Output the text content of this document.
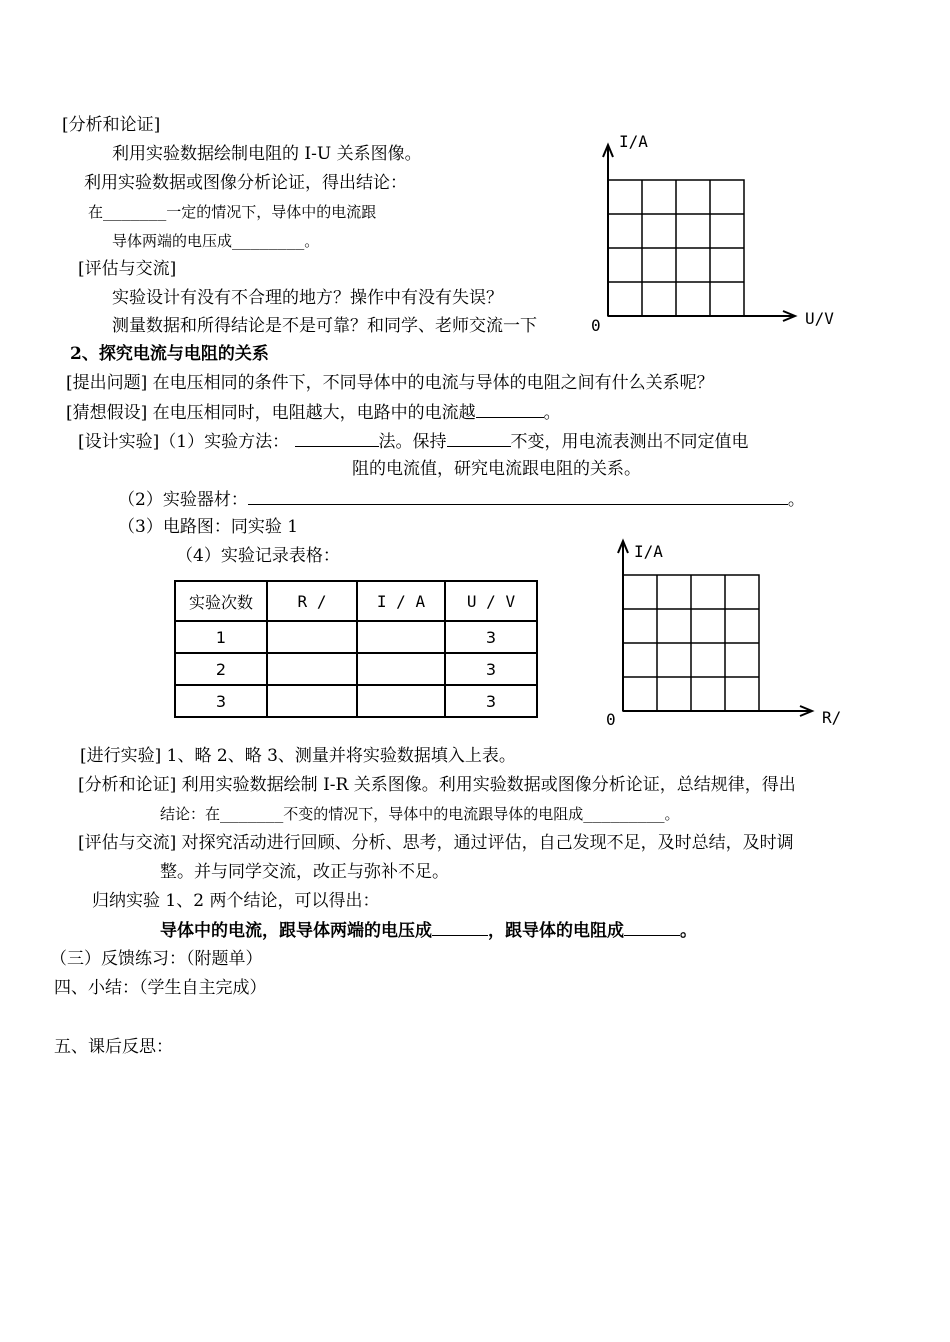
[分析和论证]
利用实验数据绘制电阻的 I-U 关系图像。
利用实验数据或图像分析论证，得出结论：
在_______一定的情况下，导体中的电流跟
导体两端的电压成________。
[评估与交流]
实验设计有没有不合理的地方？操作中有没有失误？
测量数据和所得结论是不是可靠？和同学、老师交流一下
I/A
U/V
0
2、探究电流与电阻的关系
[提出问题] 在电压相同的条件下，不同导体中的电流与导体的电阻之间有什么关系呢？
[猜想假设] 在电压相同时，电阻越大，电路中的电流越	。
[设计实验]（1）实验方法：	法。保持	不变，用电流表测出不同定值电
阻的电流值，研究电流跟电阻的关系。
（2）实验器材：	。
（3）电路图：同实验 1
（4）实验记录表格：
实验次数	R /	I / A	U / V
1			3
2			3
3			3
I/A
R/
0
[进行实验] 1、略 2、略 3、测量并将实验数据填入上表。
[分析和论证] 利用实验数据绘制 I-R 关系图像。利用实验数据或图像分析论证，总结规律，得出
结论：在_______不变的情况下，导体中的电流跟导体的电阻成_________。
[评估与交流] 对探究活动进行回顾、分析、思考，通过评估，自己发现不足，及时总结，及时调
整。并与同学交流，改正与弥补不足。
归纳实验 1、2 两个结论，可以得出：
导体中的电流，跟导体两端的电压成	，跟导体的电阻成	。
（三）反馈练习：（附题单）
四、小结：（学生自主完成）
五、课后反思：
